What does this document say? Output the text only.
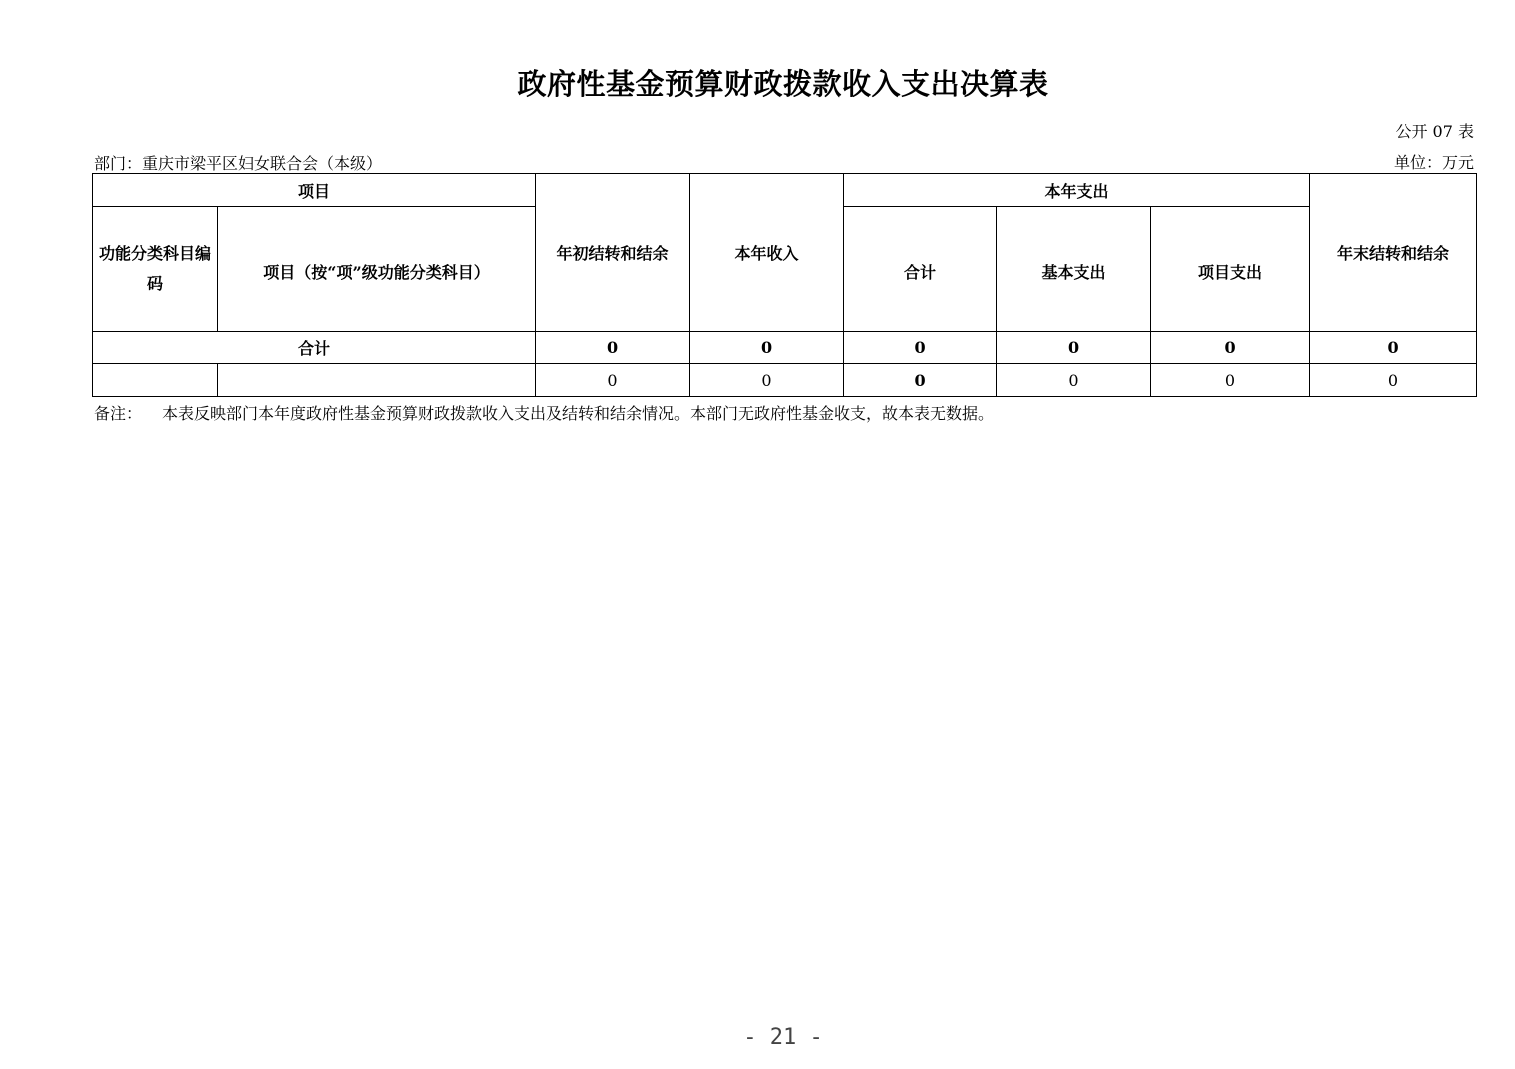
政府性基金预算财政拨款收入支出决算表
公开 07 表
部门：重庆市梁平区妇女联合会（本级）	单位：万元
项目		年初结转和结余	本年收入	本年支出			年末结转和结余
功能分类科目编码	项目（按“项”级功能分类科目）			合计	基本支出	项目支出	
合计		0	0	0	0	0	0
		0	0	0	0	0	0
备注： 本表反映部门本年度政府性基金预算财政拨款收入支出及结转和结余情况。本部门无政府性基金收支，故本表无数据。
- 21 -
